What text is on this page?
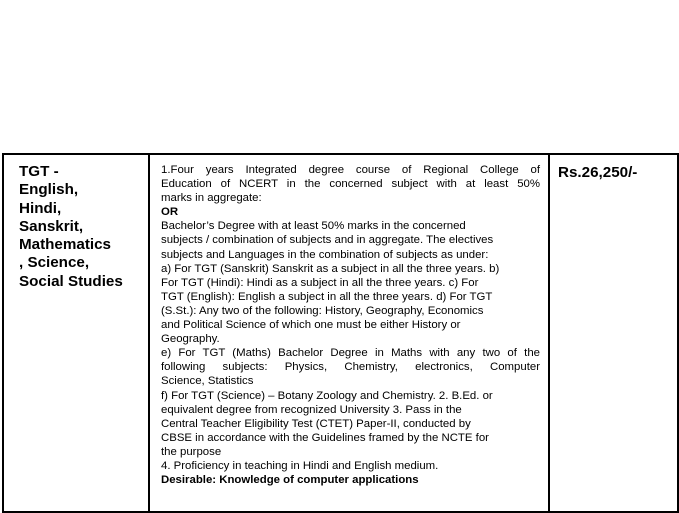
TGT -
English,
Hindi,
Sanskrit,
Mathematics
, Science,
Social Studies

1.Four years Integrated degree course of Regional College of
Education of NCERT in the concerned subject with at least 50%
marks in aggregate:
OR
Bachelor’s Degree with at least 50% marks in the concerned
subjects / combination of subjects and in aggregate. The electives
subjects and Languages in the combination of subjects as under:
a) For TGT (Sanskrit) Sanskrit as a subject in all the three years. b)
For TGT (Hindi): Hindi as a subject in all the three years. c) For
TGT (English): English a subject in all the three years. d) For TGT
(S.St.): Any two of the following: History, Geography, Economics
and Political Science of which one must be either History or
Geography.
e) For TGT (Maths) Bachelor Degree in Maths with any two of the
following subjects: Physics, Chemistry, electronics, Computer
Science, Statistics
f) For TGT (Science) – Botany Zoology and Chemistry. 2. B.Ed. or
equivalent degree from recognized University 3. Pass in the
Central Teacher Eligibility Test (CTET) Paper-II, conducted by
CBSE in accordance with the Guidelines framed by the NCTE for
the purpose
4. Proficiency in teaching in Hindi and English medium.
Desirable: Knowledge of computer applications

Rs.26,250/-
